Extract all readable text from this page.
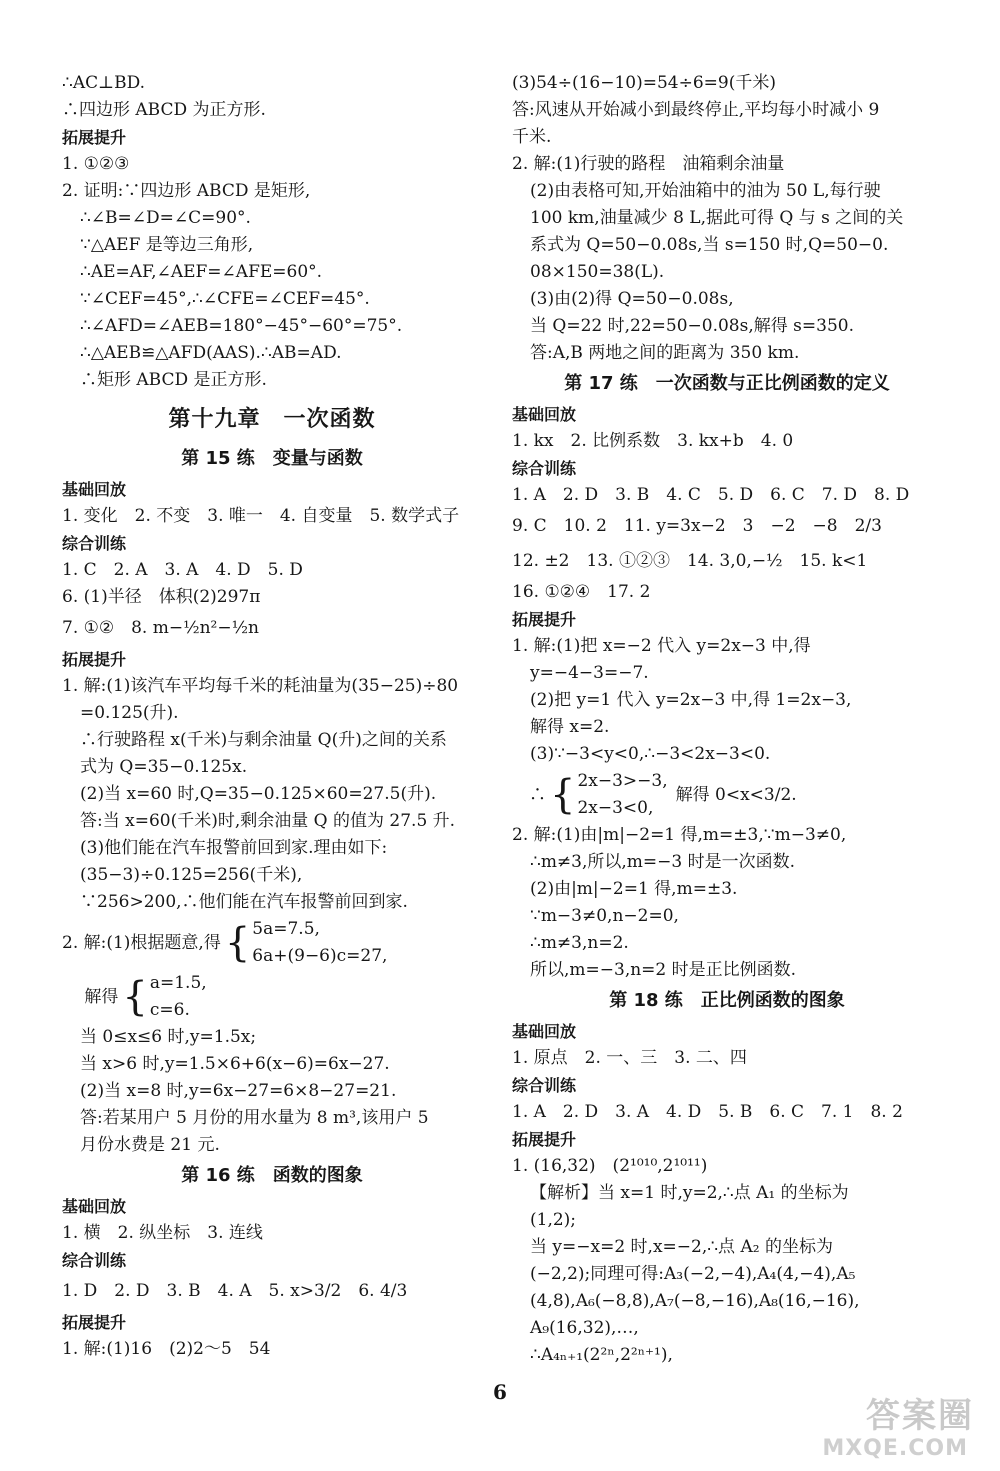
∴AC⊥BD.
∴四边形 ABCD 为正方形.
拓展提升
1. ①②③
2. 证明:∵四边形 ABCD 是矩形,
∴∠B=∠D=∠C=90°.
∵△AEF 是等边三角形,
∴AE=AF,∠AEF=∠AFE=60°.
∵∠CEF=45°,∴∠CFE=∠CEF=45°.
∴∠AFD=∠AEB=180°−45°−60°=75°.
∴△AEB≌△AFD(AAS).∴AB=AD.
∴矩形 ABCD 是正方形.
第十九章　一次函数
第 15 练　变量与函数
基础回放
1. 变化　2. 不变　3. 唯一　4. 自变量　5. 数学式子
综合训练
1. C　2. A　3. A　4. D　5. D
6. (1)半径　体积(2)297π
7. ①②　8. m−½n²−½n
拓展提升
1. 解:(1)该汽车平均每千米的耗油量为(35−25)÷80
=0.125(升).
∴行驶路程 x(千米)与剩余油量 Q(升)之间的关系
式为 Q=35−0.125x.
(2)当 x=60 时,Q=35−0.125×60=27.5(升).
答:当 x=60(千米)时,剩余油量 Q 的值为 27.5 升.
(3)他们能在汽车报警前回到家.理由如下:
(35−3)÷0.125=256(千米),
∵256>200,∴他们能在汽车报警前回到家.
2. 解:(1)根据题意,得 { 5a=7.5,
6a+(9−6)c=27,
　 解得 { a=1.5,
c=6.
当 0≤x≤6 时,y=1.5x;
当 x>6 时,y=1.5×6+6(x−6)=6x−27.
(2)当 x=8 时,y=6x−27=6×8−27=21.
答:若某用户 5 月份的用水量为 8 m³,该用户 5
月份水费是 21 元.
第 16 练　函数的图象
基础回放
1. 横　2. 纵坐标　3. 连线
综合训练
1. D　2. D　3. B　4. A　5. x>3/2　6. 4/3
拓展提升
1. 解:(1)16　(2)2～5　54
(3)54÷(16−10)=54÷6=9(千米)
答:风速从开始减小到最终停止,平均每小时减小 9
千米.
2. 解:(1)行驶的路程　油箱剩余油量
(2)由表格可知,开始油箱中的油为 50 L,每行驶
100 km,油量减少 8 L,据此可得 Q 与 s 之间的关
系式为 Q=50−0.08s,当 s=150 时,Q=50−0.
08×150=38(L).
(3)由(2)得 Q=50−0.08s,
当 Q=22 时,22=50−0.08s,解得 s=350.
答:A,B 两地之间的距离为 350 km.
第 17 练　一次函数与正比例函数的定义
基础回放
1. kx　2. 比例系数　3. kx+b　4. 0
综合训练
1. A　2. D　3. B　4. C　5. D　6. C　7. D　8. D
9. C　10. 2　11. y=3x−2　3　−2　−8　2/3
12. ±2　13. ①②③　14. 3,0,−½　15. k<1
16. ①②④　17. 2
拓展提升
1. 解:(1)把 x=−2 代入 y=2x−3 中,得
y=−4−3=−7.
(2)把 y=1 代入 y=2x−3 中,得 1=2x−3,
解得 x=2.
(3)∵−3<y<0,∴−3<2x−3<0.
　∴ { 2x−3>−3,
2x−3<0,
解得 0<x<3/2.
2. 解:(1)由|m|−2=1 得,m=±3,∵m−3≠0,
∴m≠3,所以,m=−3 时是一次函数.
(2)由|m|−2=1 得,m=±3.
∵m−3≠0,n−2=0,
∴m≠3,n=2.
所以,m=−3,n=2 时是正比例函数.
第 18 练　正比例函数的图象
基础回放
1. 原点　2. 一、三　3. 二、四
综合训练
1. A　2. D　3. A　4. D　5. B　6. C　7. 1　8. 2
拓展提升
1. (16,32)　(2¹⁰¹⁰,2¹⁰¹¹)
【解析】当 x=1 时,y=2,∴点 A₁ 的坐标为
(1,2);
当 y=−x=2 时,x=−2,∴点 A₂ 的坐标为
(−2,2);同理可得:A₃(−2,−4),A₄(4,−4),A₅
(4,8),A₆(−8,8),A₇(−8,−16),A₈(16,−16),
A₉(16,32),…,
∴A₄ₙ₊₁(2²ⁿ,2²ⁿ⁺¹),
6
答案圈
MXQE.COM
